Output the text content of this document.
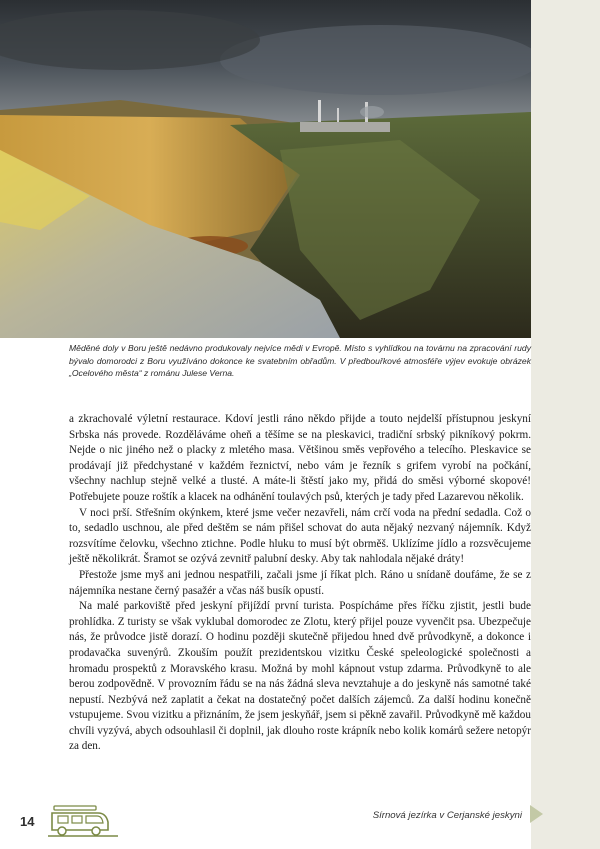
Měděné doly v Boru ještě nedávno produkovaly nejvíce mědi v Evropě. Místo s vyhlídkou na továrnu na zpracování rudy bývalo domorodci z Boru využíváno dokonce ke svatebním obřadům. V předbouřkové atmosféře výjev evokuje obrázek „Ocelového města“ z románu Julese Verna.

a zkrachovalé výletní restaurace. Kdoví jestli ráno někdo přijde a touto nejdelší přístupnou jeskyní Srbska nás provede. Rozděláváme oheň a těšíme se na pleskavici, tradiční srbský pikníkový pokrm. Nejde o nic jiného než o placky z mletého masa. Většinou směs vepřového a telecího. Pleskavice se prodávají již předchystané v každém řeznictví, nebo vám je řezník s grifem vyrobí na počkání, všechny nachlup stejně velké a tlusté. A máte-li štěstí jako my, přidá do směsi výborné skopové! Potřebujete pouze roštík a klacek na odhánění toulavých psů, kterých je tady před Lazarevou několik.

V noci prší. Střešním okýnkem, které jsme večer nezavřeli, nám crčí voda na přední sedadla. Což o to, sedadlo uschnou, ale před deštěm se nám přišel schovat do auta nějaký nezvaný nájemník. Když rozsvítíme čelovku, všechno ztichne. Podle hluku to musí být obrměš. Uklízíme jídlo a rozsvěcujeme ještě několikrát. Šramot se ozývá zevnitř palubní desky. Aby tak nahlodala nějaké dráty!

Přestože jsme myš ani jednou nespatřili, začali jsme jí říkat plch. Ráno u snídaně doufáme, že se z nájemníka nestane černý pasažér a včas náš busík opustí.

Na malé parkoviště před jeskyní přijíždí první turista. Pospícháme přes říčku zjistit, jestli bude prohlídka. Z turisty se však vyklubal domorodec ze Zlotu, který přijel pouze vyvenčit psa. Ubezpečuje nás, že průvodce jistě dorazí. O hodinu později skutečně přijedou hned dvě průvodkyně, a dokonce i prodavačka suvenýrů. Zkouším použít prezidentskou vizitku České speleologické společnosti a hromadu prospektů z Moravského krasu. Možná by mohl kápnout vstup zdarma. Průvodkyně to ale berou zodpovědně. V provozním řádu se na nás žádná sleva nevztahuje a do jeskyně nás samotné také nepustí. Nezbývá než zaplatit a čekat na dostatečný počet dalších zájemců. Za další hodinu konečně vstupujeme. Svou vizitku a přiznáním, že jsem jeskyňář, jsem si pěkně zavařil. Průvodkyně mě každou chvíli vyzývá, abych odsouhlasil či doplnil, jak dlouho roste krápník nebo kolik komárů sežere netopýr za den.

14	Sírnová jezírka v Cerjanské jeskyni
